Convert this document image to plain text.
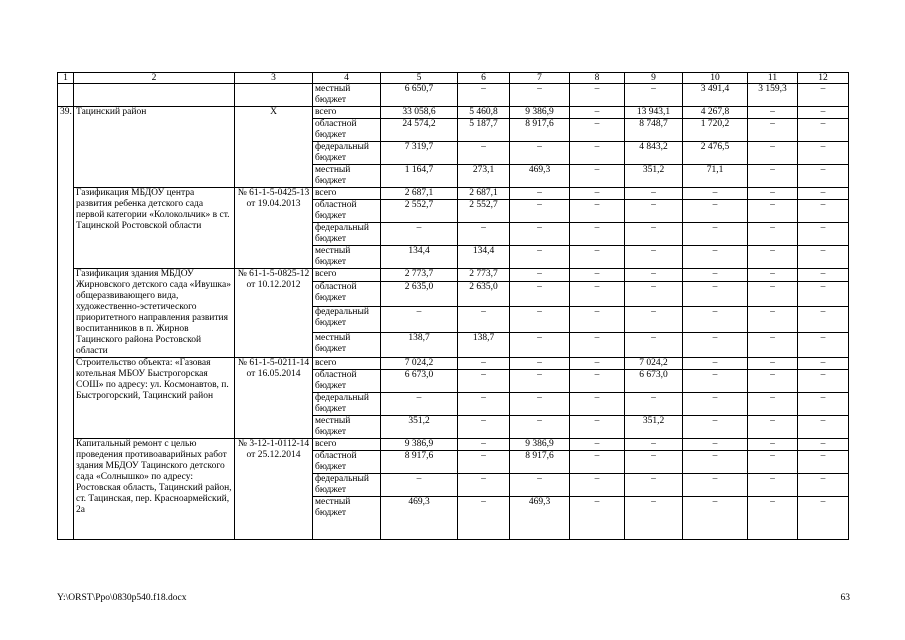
1	2	3	4	5	6	7	8	9	10	11	12
			местный бюджет	6 650,7	–	–	–	–	3 491,4	3 159,3	–
39.	Тацинский район	Х	всего	33 058,6	5 460,8	9 386,9	–	13 943,1	4 267,8	–	–
			областной бюджет	24 574,2	5 187,7	8 917,6	–	8 748,7	1 720,2	–	–
			федеральный бюджет	7 319,7	–	–	–	4 843,2	2 476,5	–	–
			местный бюджет	1 164,7	273,1	469,3	–	351,2	71,1	–	–
	Газификация МБДОУ центра развития ребенка детского сада первой категории «Колокольчик» в ст. Тацинской Ростовской области	№ 61-1-5-0425-13 от 19.04.2013	всего	2 687,1	2 687,1	–	–	–	–	–	–
			областной бюджет	2 552,7	2 552,7	–	–	–	–	–	–
			федеральный бюджет	–	–	–	–	–	–	–	–
			местный бюджет	134,4	134,4	–	–	–	–	–	–
	Газификация здания МБДОУ Жирновского детского сада «Ивушка» общеразвивающего вида, художественно-эстетического приоритетного направления развития воспитанников в п. Жирнов Тацинского района Ростовской области	№ 61-1-5-0825-12 от 10.12.2012	всего	2 773,7	2 773,7	–	–	–	–	–	–
			областной бюджет	2 635,0	2 635,0	–	–	–	–	–	–
			федеральный бюджет	–	–	–	–	–	–	–	–
			местный бюджет	138,7	138,7	–	–	–	–	–	–
	Строительство объекта: «Газовая котельная МБОУ Быстрогорская СОШ» по адресу: ул. Космонавтов, п. Быстрогорский, Тацинский район	№ 61-1-5-0211-14 от 16.05.2014	всего	7 024,2	–	–	–	7 024,2	–	–	–
			областной бюджет	6 673,0	–	–	–	6 673,0	–	–	–
			федеральный бюджет	–	–	–	–	–	–	–	–
			местный бюджет	351,2	–	–	–	351,2	–	–	–
	Капитальный ремонт с целью проведения противоаварийных работ здания МБДОУ Тацинского детского сада «Солнышко» по адресу: Ростовская область, Тацинский район, ст. Тацинская, пер. Красноармейский, 2а	№ 3-12-1-0112-14 от 25.12.2014	всего	9 386,9	–	9 386,9	–	–	–	–	–
			областной бюджет	8 917,6	–	8 917,6	–	–	–	–	–
			федеральный бюджет	–	–	–	–	–	–	–	–
			местный бюджет	469,3	–	469,3	–	–	–	–	–
Y:\ORST\Ppo\0830p540.f18.docx	63
